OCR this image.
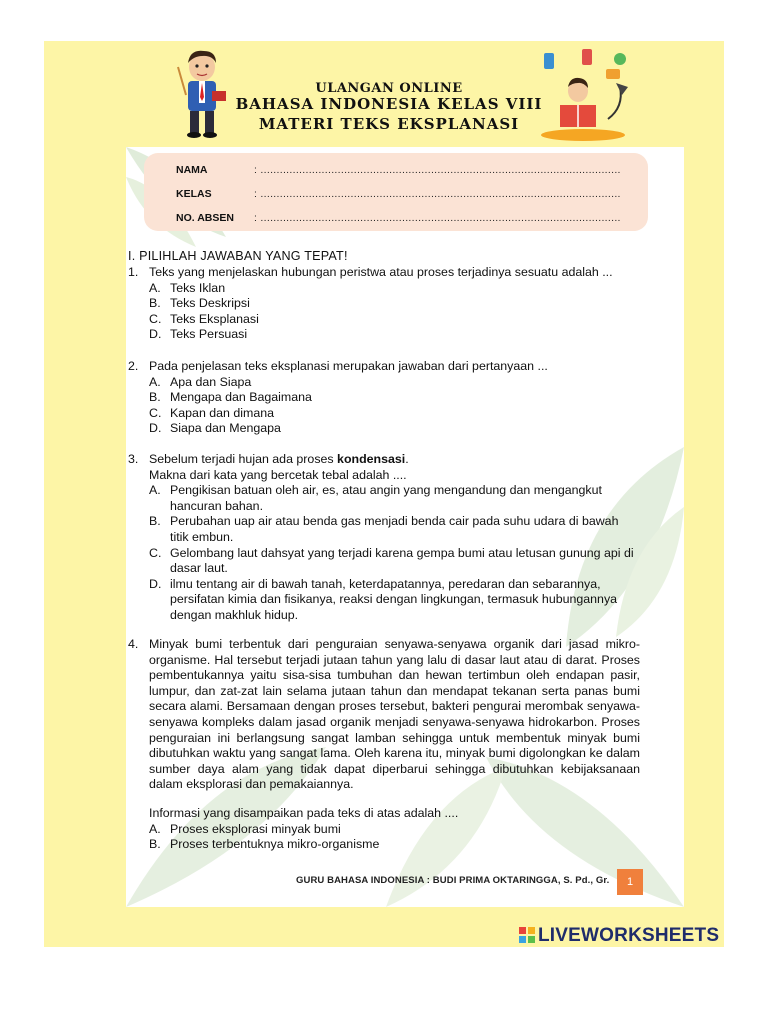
ULANGAN ONLINE
BAHASA INDONESIA KELAS VIII
MATERI TEKS EKSPLANASI
NAMA	: ................................................................................................................
KELAS	: ................................................................................................................
NO. ABSEN : ................................................................................................................
I. PILIHLAH JAWABAN YANG TEPAT!
1. Teks yang menjelaskan hubungan peristwa atau proses terjadinya sesuatu adalah ...
A. Teks Iklan
B. Teks Deskripsi
C. Teks Eksplanasi
D. Teks Persuasi
2. Pada penjelasan teks eksplanasi merupakan jawaban dari pertanyaan ...
A. Apa dan Siapa
B. Mengapa dan Bagaimana
C. Kapan dan dimana
D. Siapa dan Mengapa
3. Sebelum terjadi hujan ada proses kondensasi.
Makna dari kata yang bercetak tebal adalah ....
A. Pengikisan batuan oleh air, es, atau angin yang mengandung dan mengangkut hancuran bahan.
B. Perubahan uap air atau benda gas menjadi benda cair pada suhu udara di bawah titik embun.
C. Gelombang laut dahsyat yang terjadi karena gempa bumi atau letusan gunung api di dasar laut.
D. ilmu tentang air di bawah tanah, keterdapatannya, peredaran dan sebarannya, persifatan kimia dan fisikanya, reaksi dengan lingkungan, termasuk hubungannya dengan makhluk hidup.
4. Minyak bumi terbentuk dari penguraian senyawa-senyawa organik dari jasad mikro-organisme. Hal tersebut terjadi jutaan tahun yang lalu di dasar laut atau di darat. Proses pembentukannya yaitu sisa-sisa tumbuhan dan hewan tertimbun oleh endapan pasir, lumpur, dan zat-zat lain selama jutaan tahun dan mendapat tekanan serta panas bumi secara alami. Bersamaan dengan proses tersebut, bakteri pengurai merombak senyawa-senyawa kompleks dalam jasad organik menjadi senyawa-senyawa hidrokarbon. Proses penguraian ini berlangsung sangat lamban sehingga untuk membentuk minyak bumi dibutuhkan waktu yang sangat lama. Oleh karena itu, minyak bumi digolongkan ke dalam sumber daya alam yang tidak dapat diperbarui sehingga dibutuhkan kebijaksanaan dalam eksplorasi dan pemakaiannya.
Informasi yang disampaikan pada teks di atas adalah ....
A. Proses eksplorasi minyak bumi
B. Proses terbentuknya mikro-organisme
GURU BAHASA INDONESIA : BUDI PRIMA OKTARINGGA, S. Pd., Gr.	1
LIVEWORKSHEETS
